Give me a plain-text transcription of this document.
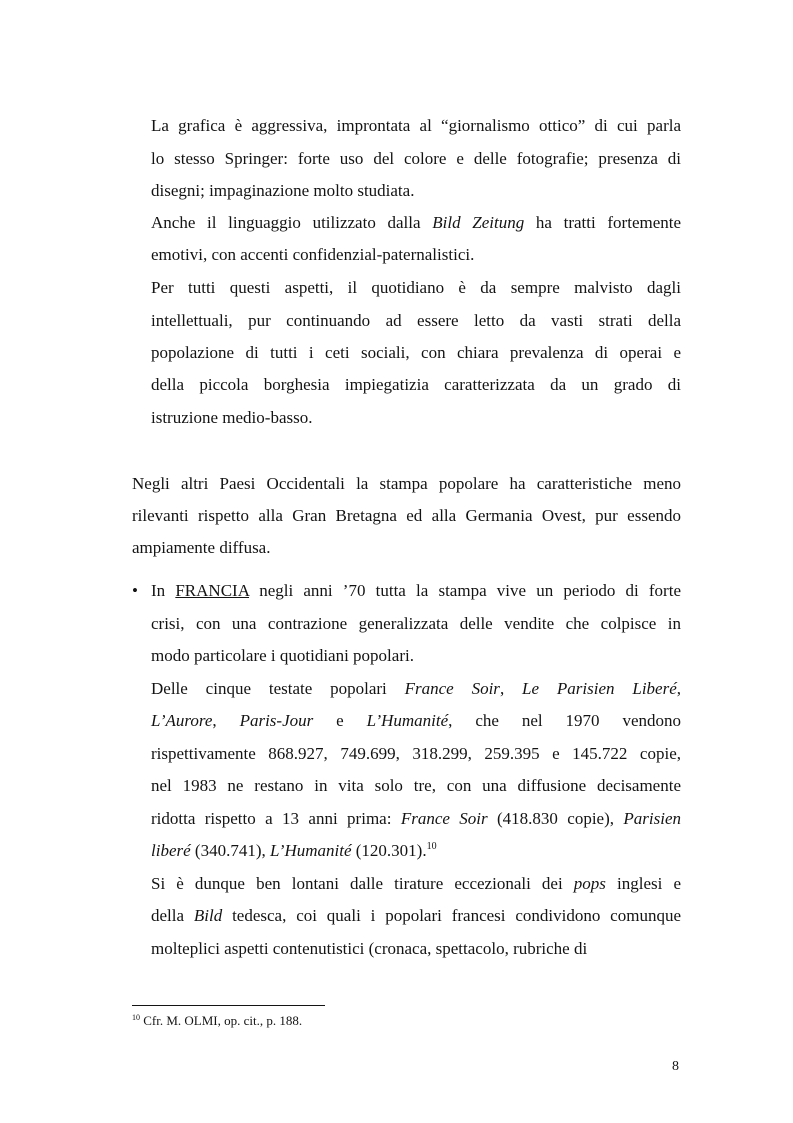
La grafica è aggressiva, improntata al “giornalismo ottico” di cui parla
lo stesso Springer: forte uso del colore e delle fotografie; presenza di
disegni; impaginazione molto studiata.
Anche il linguaggio utilizzato dalla Bild Zeitung ha tratti fortemente
emotivi, con accenti confidenzial-paternalistici.
Per tutti questi aspetti, il quotidiano è da sempre malvisto dagli
intellettuali, pur continuando ad essere letto da vasti strati della
popolazione di tutti i ceti sociali, con chiara prevalenza di operai e
della piccola borghesia impiegatizia caratterizzata da un grado di
istruzione medio-basso.
Negli altri Paesi Occidentali la stampa popolare ha caratteristiche meno
rilevanti rispetto alla Gran Bretagna ed alla Germania Ovest, pur essendo
ampiamente diffusa.
• In FRANCIA negli anni ’70 tutta la stampa vive un periodo di forte
crisi, con una contrazione generalizzata delle vendite che colpisce in
modo particolare i quotidiani popolari.
Delle cinque testate popolari France Soir, Le Parisien Liberé,
L’Aurore, Paris-Jour e L’Humanité, che nel 1970 vendono
rispettivamente 868.927, 749.699, 318.299, 259.395 e 145.722 copie,
nel 1983 ne restano in vita solo tre, con una diffusione decisamente
ridotta rispetto a 13 anni prima: France Soir (418.830 copie), Parisien
liberé (340.741), L’Humanité (120.301).$^{10}$
Si è dunque ben lontani dalle tirature eccezionali dei pops inglesi e
della Bild tedesca, coi quali i popolari francesi condividono comunque
molteplici aspetti contenutistici (cronaca, spettacolo, rubriche di
$^{10}$ Cfr. M. OLMI, op. cit., p. 188.
8
